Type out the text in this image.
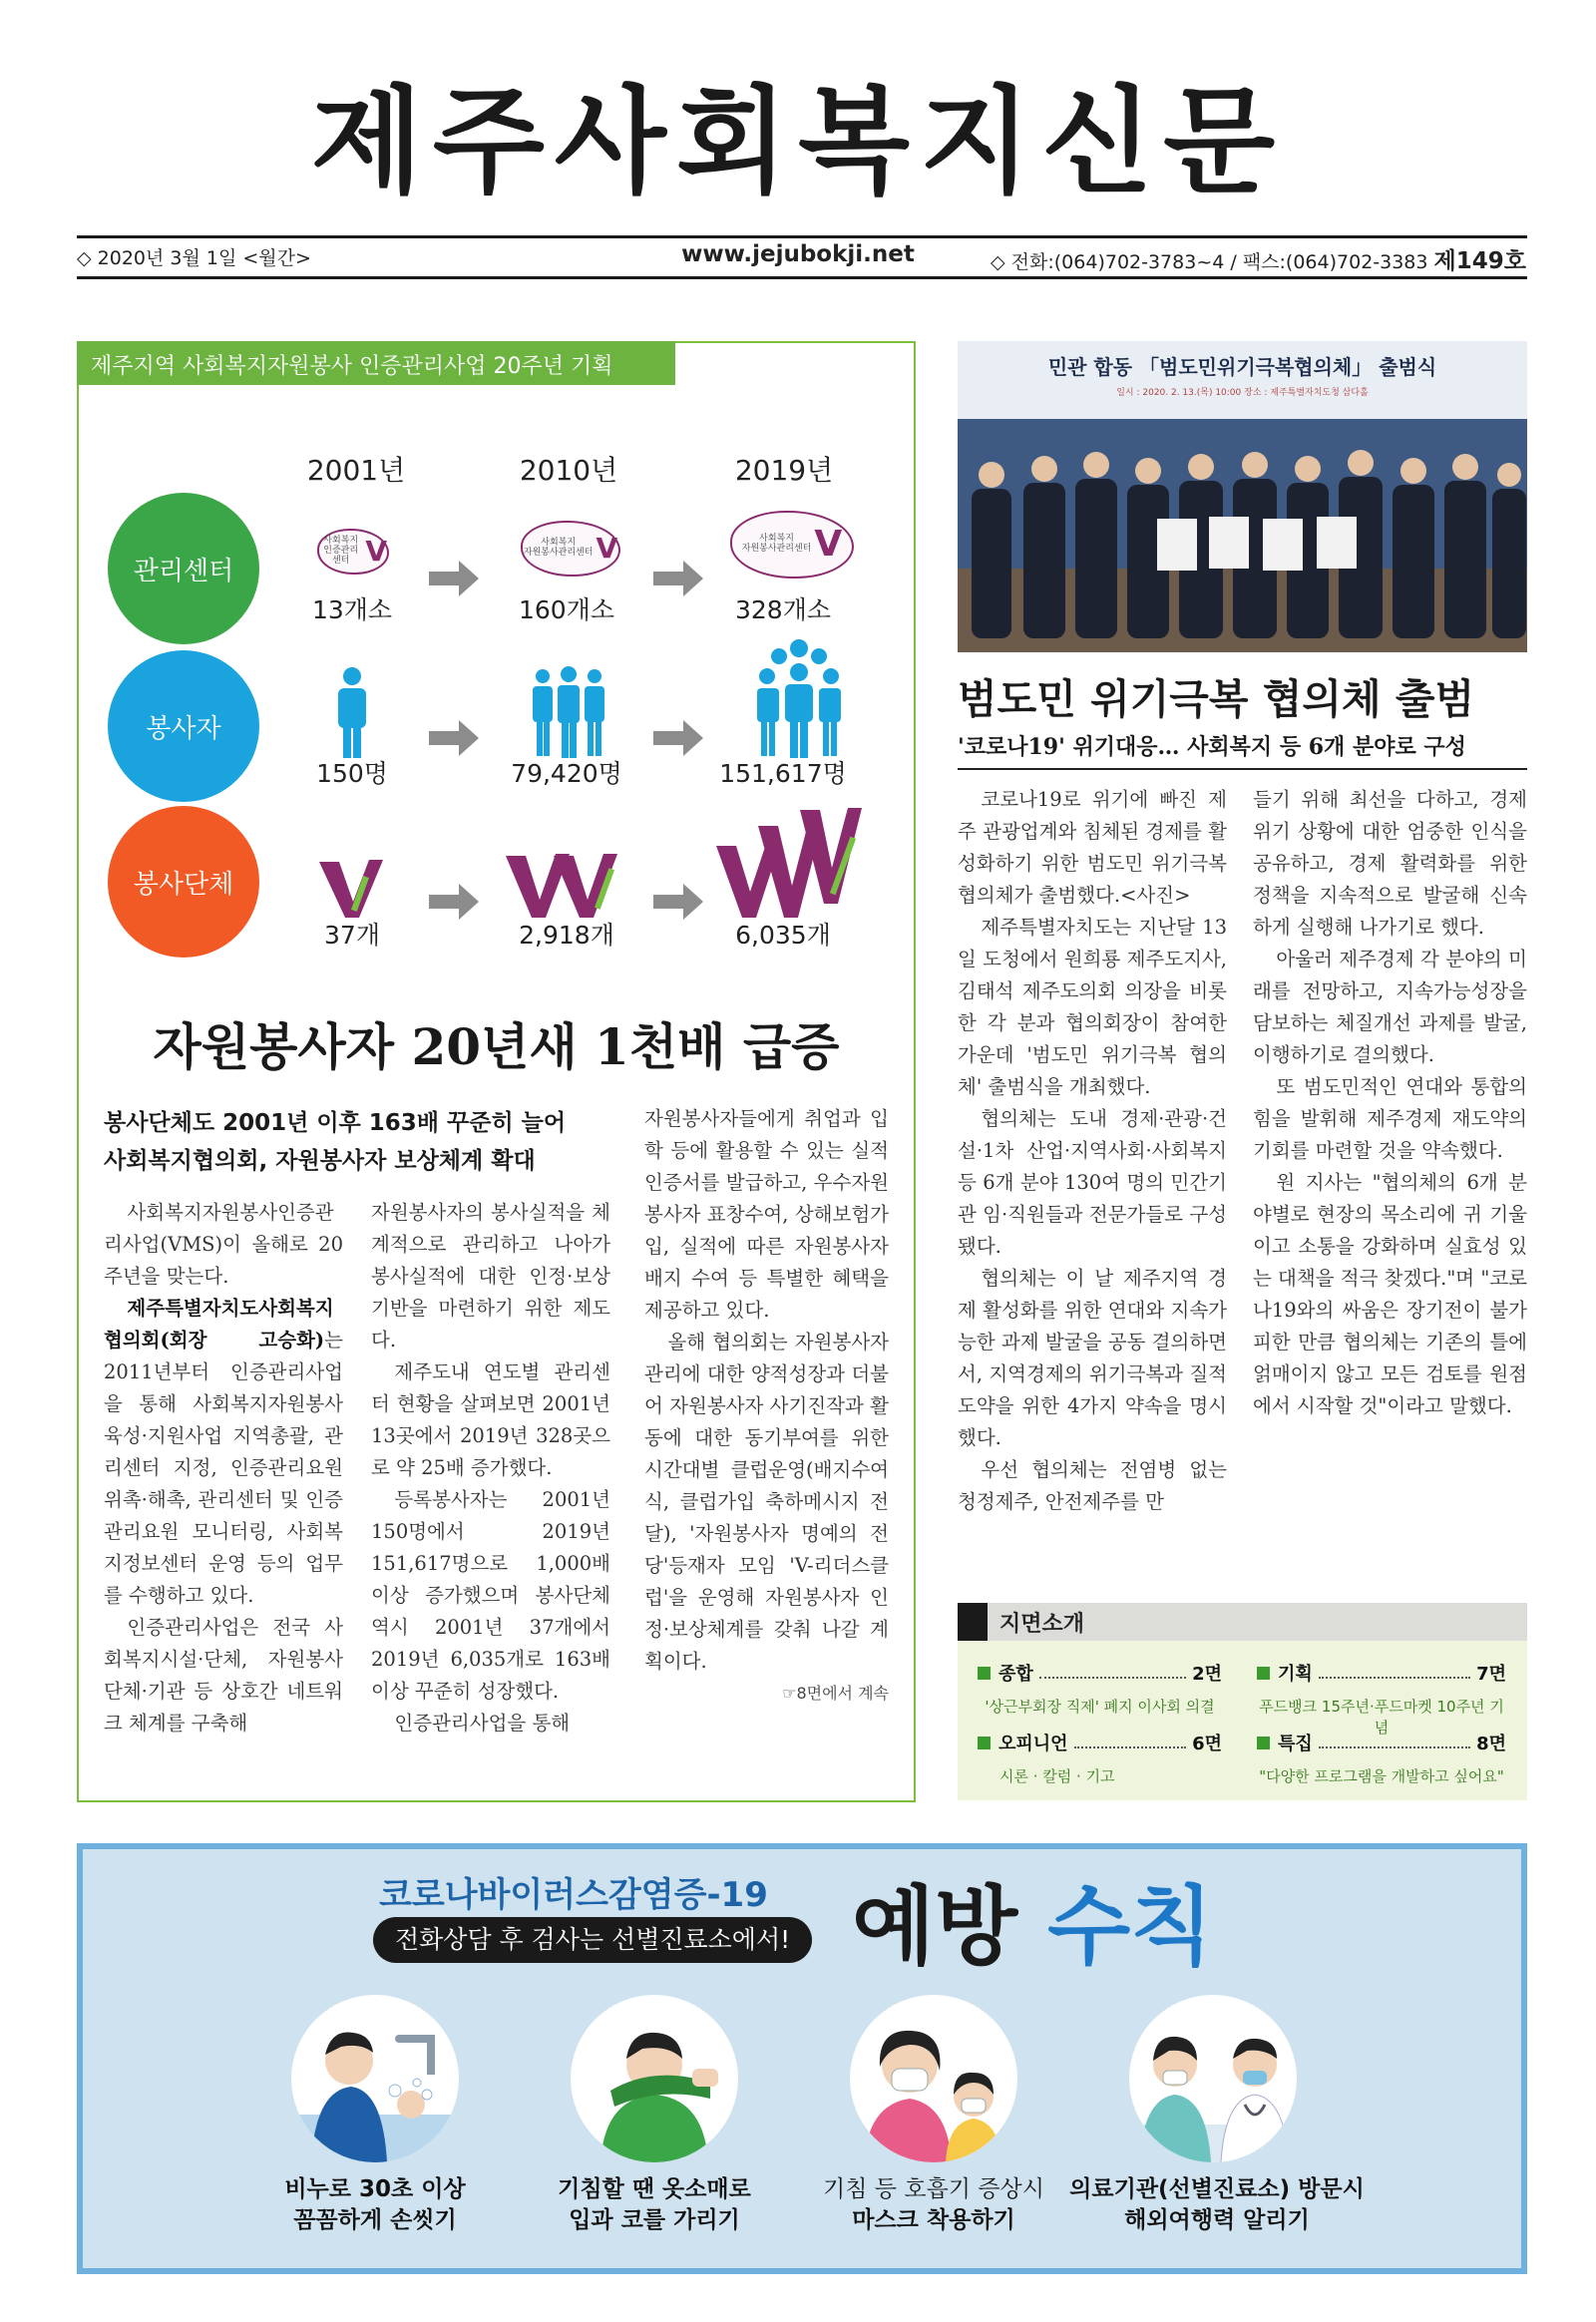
제주사회복지신문
◇ 2020년 3월 1일 <월간>	www.jejubokji.net	◇ 전화:(064)702-3783~4 / 팩스:(064)702-3383 제149호
제주지역 사회복지자원봉사 인증관리사업 20주년 기획
2001년	2010년	2019년
관리센터
봉사자
봉사단체
사회복지
인증관리센터 V	사회복지
자원봉사관리센터 V	사회복지
자원봉사관리센터 V
13개소	160개소	328개소
150명	79,420명	151,617명
37개	2,918개	6,035개
자원봉사자 20년새 1천배 급증
봉사단체도 2001년 이후 163배 꾸준히 늘어
사회복지협의회, 자원봉사자 보상체계 확대

사회복지자원봉사인증관리사업(VMS)이 올해로 20주년을 맞는다.

제주특별자치도사회복지협의회(회장 고승화)는 2011년부터 인증관리사업을 통해 사회복지자원봉사 육성·지원사업 지역총괄, 관리센터 지정, 인증관리요원 위촉·해촉, 관리센터 및 인증관리요원 모니터링, 사회복지정보센터 운영 등의 업무를 수행하고 있다.

인증관리사업은 전국 사회복지시설·단체, 자원봉사단체·기관 등 상호간 네트워크 체계를 구축해

자원봉사자의 봉사실적을 체계적으로 관리하고 나아가 봉사실적에 대한 인정·보상 기반을 마련하기 위한 제도다.

제주도내 연도별 관리센터 현황을 살펴보면 2001년 13곳에서 2019년 328곳으로 약 25배 증가했다.

등록봉사자는 2001년 150명에서 2019년 151,617명으로 1,000배 이상 증가했으며 봉사단체 역시 2001년 37개에서 2019년 6,035개로 163배 이상 꾸준히 성장했다.

인증관리사업을 통해

자원봉사자들에게 취업과 입학 등에 활용할 수 있는 실적인증서를 발급하고, 우수자원봉사자 표창수여, 상해보험가입, 실적에 따른 자원봉사자 배지 수여 등 특별한 혜택을 제공하고 있다.

올해 협의회는 자원봉사자 관리에 대한 양적성장과 더불어 자원봉사자 사기진작과 활동에 대한 동기부여를 위한 시간대별 클럽운영(배지수여식, 클럽가입 축하메시지 전달), '자원봉사자 명예의 전당'등재자 모임 'V-리더스클럽'을 운영해 자원봉사자 인정·보상체계를 갖춰 나갈 계획이다.

☞8면에서 계속
민관 합동 「범도민위기극복협의체」 출범식
일시 : 2020. 2. 13.(목) 10:00 장소 : 제주특별자치도청 삼다홀
범도민 위기극복 협의체 출범
'코로나19' 위기대응… 사회복지 등 6개 분야로 구성

코로나19로 위기에 빠진 제주 관광업계와 침체된 경제를 활성화하기 위한 범도민 위기극복 협의체가 출범했다.<사진>

제주특별자치도는 지난달 13일 도청에서 원희룡 제주도지사, 김태석 제주도의회 의장을 비롯한 각 분과 협의회장이 참여한 가운데 '범도민 위기극복 협의체' 출범식을 개최했다.

협의체는 도내 경제·관광·건설·1차 산업·지역사회·사회복지 등 6개 분야 130여 명의 민간기관 임·직원들과 전문가들로 구성됐다.

협의체는 이 날 제주지역 경제 활성화를 위한 연대와 지속가능한 과제 발굴을 공동 결의하면서, 지역경제의 위기극복과 질적 도약을 위한 4가지 약속을 명시했다.

우선 협의체는 전염병 없는 청정제주, 안전제주를 만

들기 위해 최선을 다하고, 경제 위기 상황에 대한 엄중한 인식을 공유하고, 경제 활력화를 위한 정책을 지속적으로 발굴해 신속하게 실행해 나가기로 했다.

아울러 제주경제 각 분야의 미래를 전망하고, 지속가능성장을 담보하는 체질개선 과제를 발굴, 이행하기로 결의했다.

또 범도민적인 연대와 통합의 힘을 발휘해 제주경제 재도약의 기회를 마련할 것을 약속했다.

원 지사는 "협의체의 6개 분야별로 현장의 목소리에 귀 기울이고 소통을 강화하며 실효성 있는 대책을 적극 찾겠다."며 "코로나19와의 싸움은 장기전이 불가피한 만큼 협의체는 기존의 틀에 얽매이지 않고 모든 검토를 원점에서 시작할 것"이라고 말했다.

지면소개
종합	2면
'상근부회장 직제' 폐지 이사회 의결
기획	7면
푸드뱅크 15주년·푸드마켓 10주년 기념
오피니언	6면
시론 · 칼럼 · 기고
특집	8면
"다양한 프로그램을 개발하고 싶어요"
코로나바이러스감염증-19
전화상담 후 검사는 선별진료소에서! 예방 수칙
비누로 30초 이상
꼼꼼하게 손씻기
기침할 땐 옷소매로
입과 코를 가리기
기침 등 호흡기 증상시
마스크 착용하기
의료기관(선별진료소) 방문시
해외여행력 알리기
